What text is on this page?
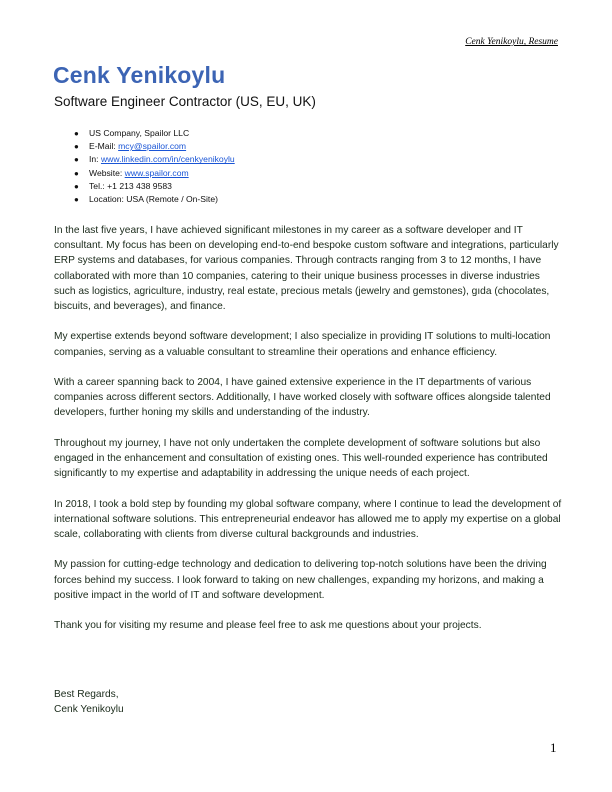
Cenk Yenikoylu, Resume
Cenk Yenikoylu
Software Engineer Contractor (US, EU, UK)
● US Company, Spailor LLC
● E-Mail: mcy@spailor.com
● In: www.linkedin.com/in/cenkyenikoylu
● Website: www.spailor.com
● Tel.: +1 213 438 9583
● Location: USA (Remote / On-Site)

In the last five years, I have achieved significant milestones in my career as a software developer and IT consultant. My focus has been on developing end-to-end bespoke custom software and integrations, particularly ERP systems and databases, for various companies. Through contracts ranging from 3 to 12 months, I have collaborated with more than 10 companies, catering to their unique business processes in diverse industries such as logistics, agriculture, industry, real estate, precious metals (jewelry and gemstones), gıda (chocolates, biscuits, and beverages), and finance.

My expertise extends beyond software development; I also specialize in providing IT solutions to multi-location companies, serving as a valuable consultant to streamline their operations and enhance efficiency.

With a career spanning back to 2004, I have gained extensive experience in the IT departments of various companies across different sectors. Additionally, I have worked closely with software offices alongside talented developers, further honing my skills and understanding of the industry.

Throughout my journey, I have not only undertaken the complete development of software solutions but also engaged in the enhancement and consultation of existing ones. This well-rounded experience has contributed significantly to my expertise and adaptability in addressing the unique needs of each project.

In 2018, I took a bold step by founding my global software company, where I continue to lead the development of international software solutions. This entrepreneurial endeavor has allowed me to apply my expertise on a global scale, collaborating with clients from diverse cultural backgrounds and industries.

My passion for cutting-edge technology and dedication to delivering top-notch solutions have been the driving forces behind my success. I look forward to taking on new challenges, expanding my horizons, and making a positive impact in the world of IT and software development.

Thank you for visiting my resume and please feel free to ask me questions about your projects.

Best Regards,
Cenk Yenikoylu
1
